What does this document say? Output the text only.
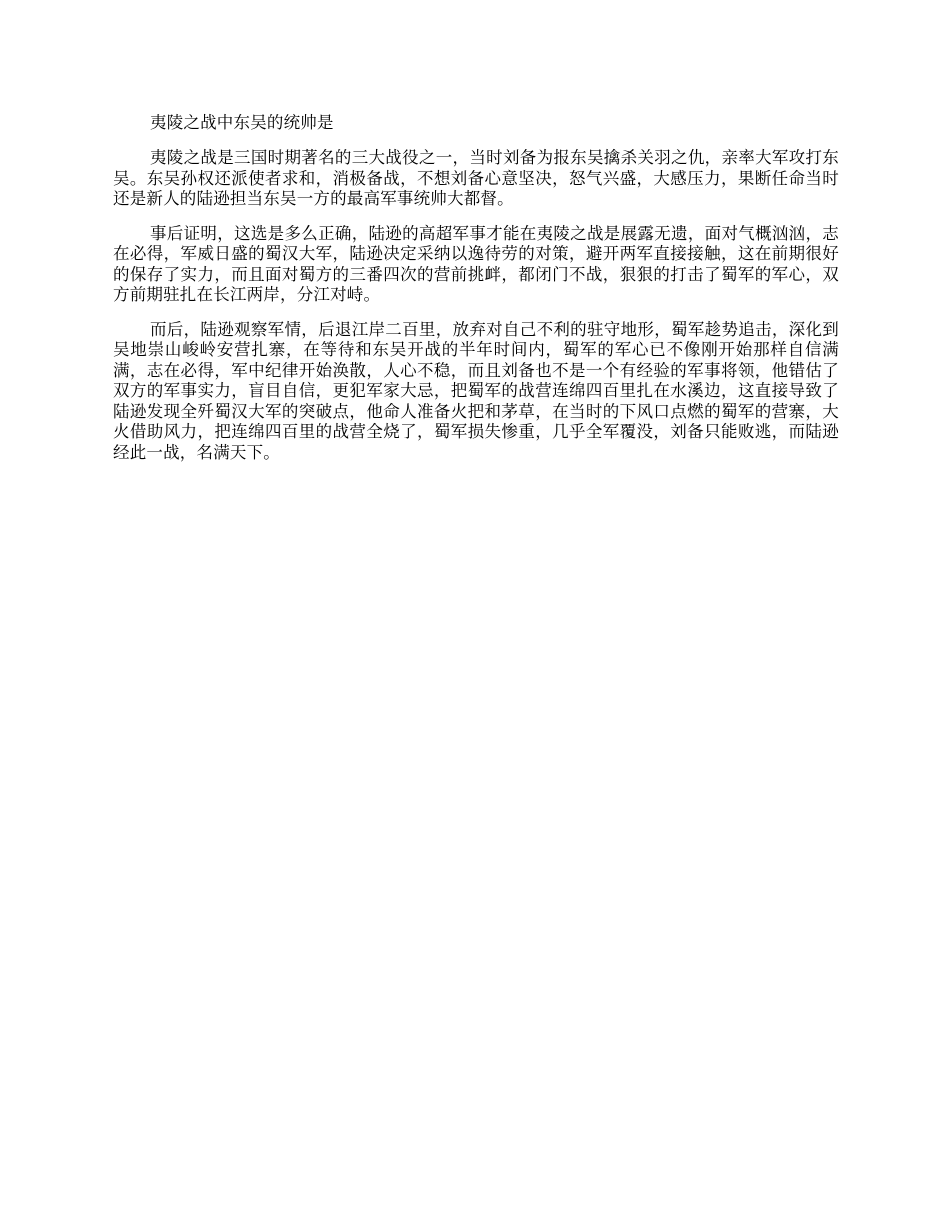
夷陵之战中东吴的统帅是

夷陵之战是三国时期著名的三大战役之一，当时刘备为报东吴擒杀关羽之仇，亲率大军攻打东吴。东吴孙权还派使者求和，消极备战，不想刘备心意坚决，怒气兴盛，大感压力，果断任命当时还是新人的陆逊担当东吴一方的最高军事统帅大都督。

事后证明，这选是多么正确，陆逊的高超军事才能在夷陵之战是展露无遗，面对气概汹汹，志在必得，军威日盛的蜀汉大军，陆逊决定采纳以逸待劳的对策，避开两军直接接触，这在前期很好的保存了实力，而且面对蜀方的三番四次的营前挑衅，都闭门不战，狠狠的打击了蜀军的军心，双方前期驻扎在长江两岸，分江对峙。

而后，陆逊观察军情，后退江岸二百里，放弃对自己不利的驻守地形，蜀军趁势追击，深化到吴地崇山峻岭安营扎寨，在等待和东吴开战的半年时间内，蜀军的军心已不像刚开始那样自信满满，志在必得，军中纪律开始涣散，人心不稳，而且刘备也不是一个有经验的军事将领，他错估了双方的军事实力，盲目自信，更犯军家大忌，把蜀军的战营连绵四百里扎在水溪边，这直接导致了陆逊发现全歼蜀汉大军的突破点，他命人准备火把和茅草，在当时的下风口点燃的蜀军的营寨，大火借助风力，把连绵四百里的战营全烧了，蜀军损失惨重，几乎全军覆没，刘备只能败逃，而陆逊经此一战，名满天下。
